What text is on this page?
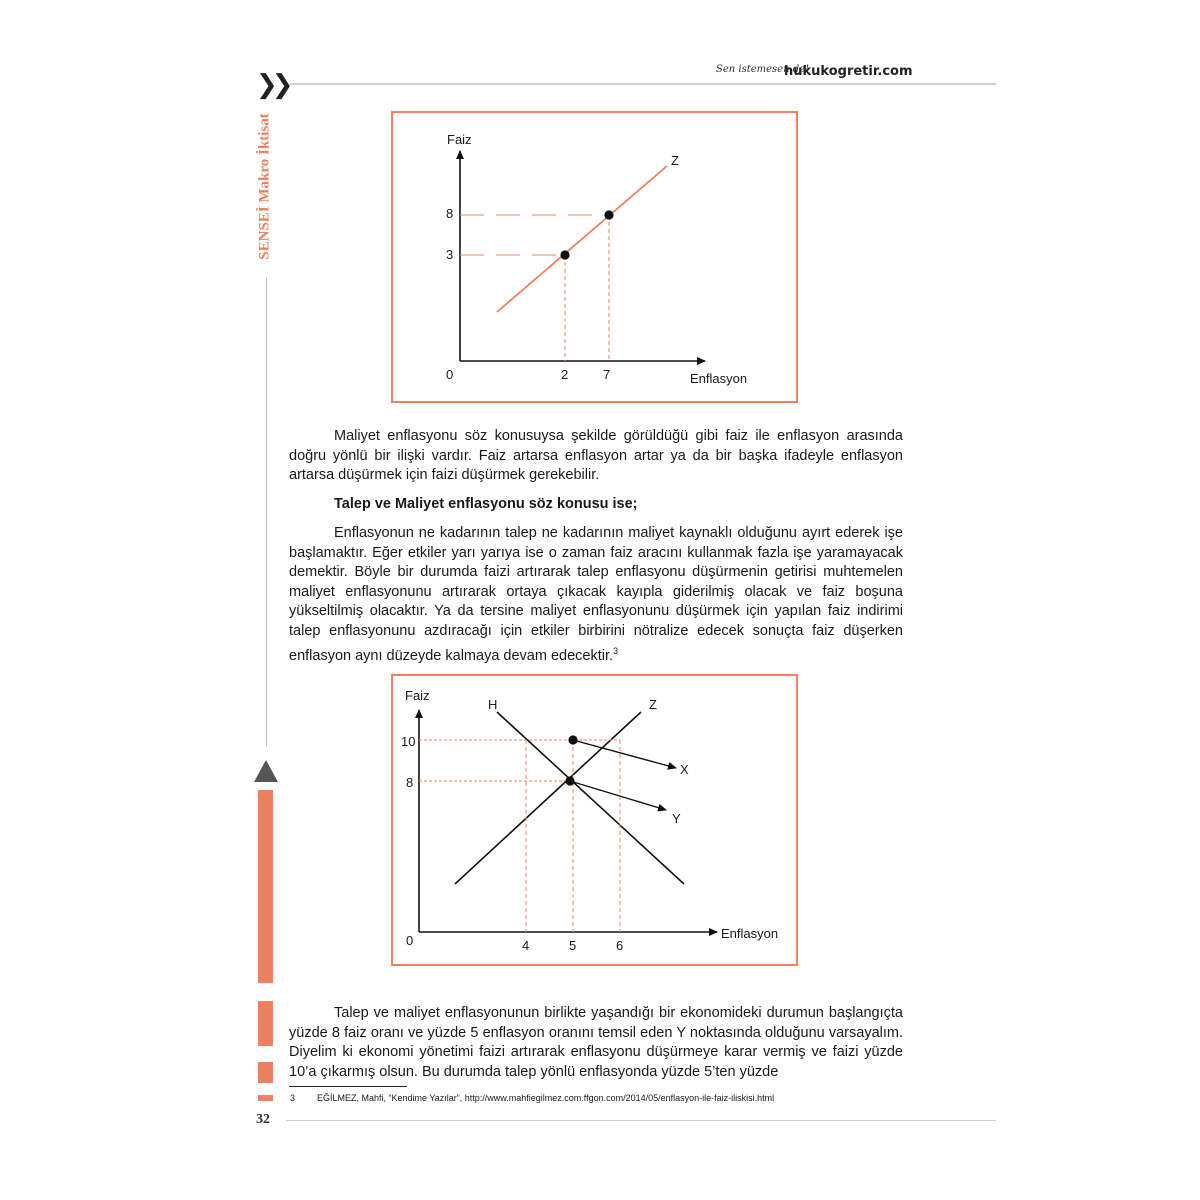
❯❯
Sen istemesen de!
hukukogretir.com
SENSEİ Makro İktisat	Faiz
Enflasyon
Z
0
8
3
2	7
Maliyet enflasyonu söz konusuysa şekilde görüldüğü gibi faiz ile enflasyon arasında doğru yönlü bir ilişki vardır. Faiz artarsa enflasyon artar ya da bir başka ifadeyle enflasyon artarsa düşürmek için faizi düşürmek gerekebilir.
Talep ve Maliyet enflasyonu söz konusu ise;
Enflasyonun ne kadarının talep ne kadarının maliyet kaynaklı olduğunu ayırt ederek işe başlamaktır. Eğer etkiler yarı yarıya ise o zaman faiz aracını kullanmak fazla işe yaramayacak demektir. Böyle bir durumda faizi artırarak talep enflasyonu düşürmenin getirisi muhtemelen maliyet enflasyonunu artırarak ortaya çıkacak kayıpla giderilmiş olacak ve faiz boşuna yükseltilmiş olacaktır. Ya da tersine maliyet enflasyonunu düşürmek için yapılan faiz indirimi talep enflasyonunu azdıracağı için etkiler birbirini nötralize edecek sonuçta faiz düşerken enflasyon aynı düzeyde kalmaya devam edecektir.$^3$
Faiz
Enflasyon
H	Z
X
Y
0
10
8
4	5	6
Talep ve maliyet enflasyonunun birlikte yaşandığı bir ekonomideki durumun başlangıçta yüzde 8 faiz oranı ve yüzde 5 enflasyon oranını temsil eden Y noktasında olduğunu varsayalım. Diyelim ki ekonomi yönetimi faizi artırarak enflasyonu düşürmeye karar vermiş ve faizi yüzde 10’a çıkarmış olsun. Bu durumda talep yönlü enflasyonda yüzde 5’ten yüzde
3 EĞİLMEZ, Mahfi, “Kendime Yazılar”, http://www.mahfiegilmez.com.ffgon.com/2014/05/enflasyon-ile-faiz-iliskisi.html
32
